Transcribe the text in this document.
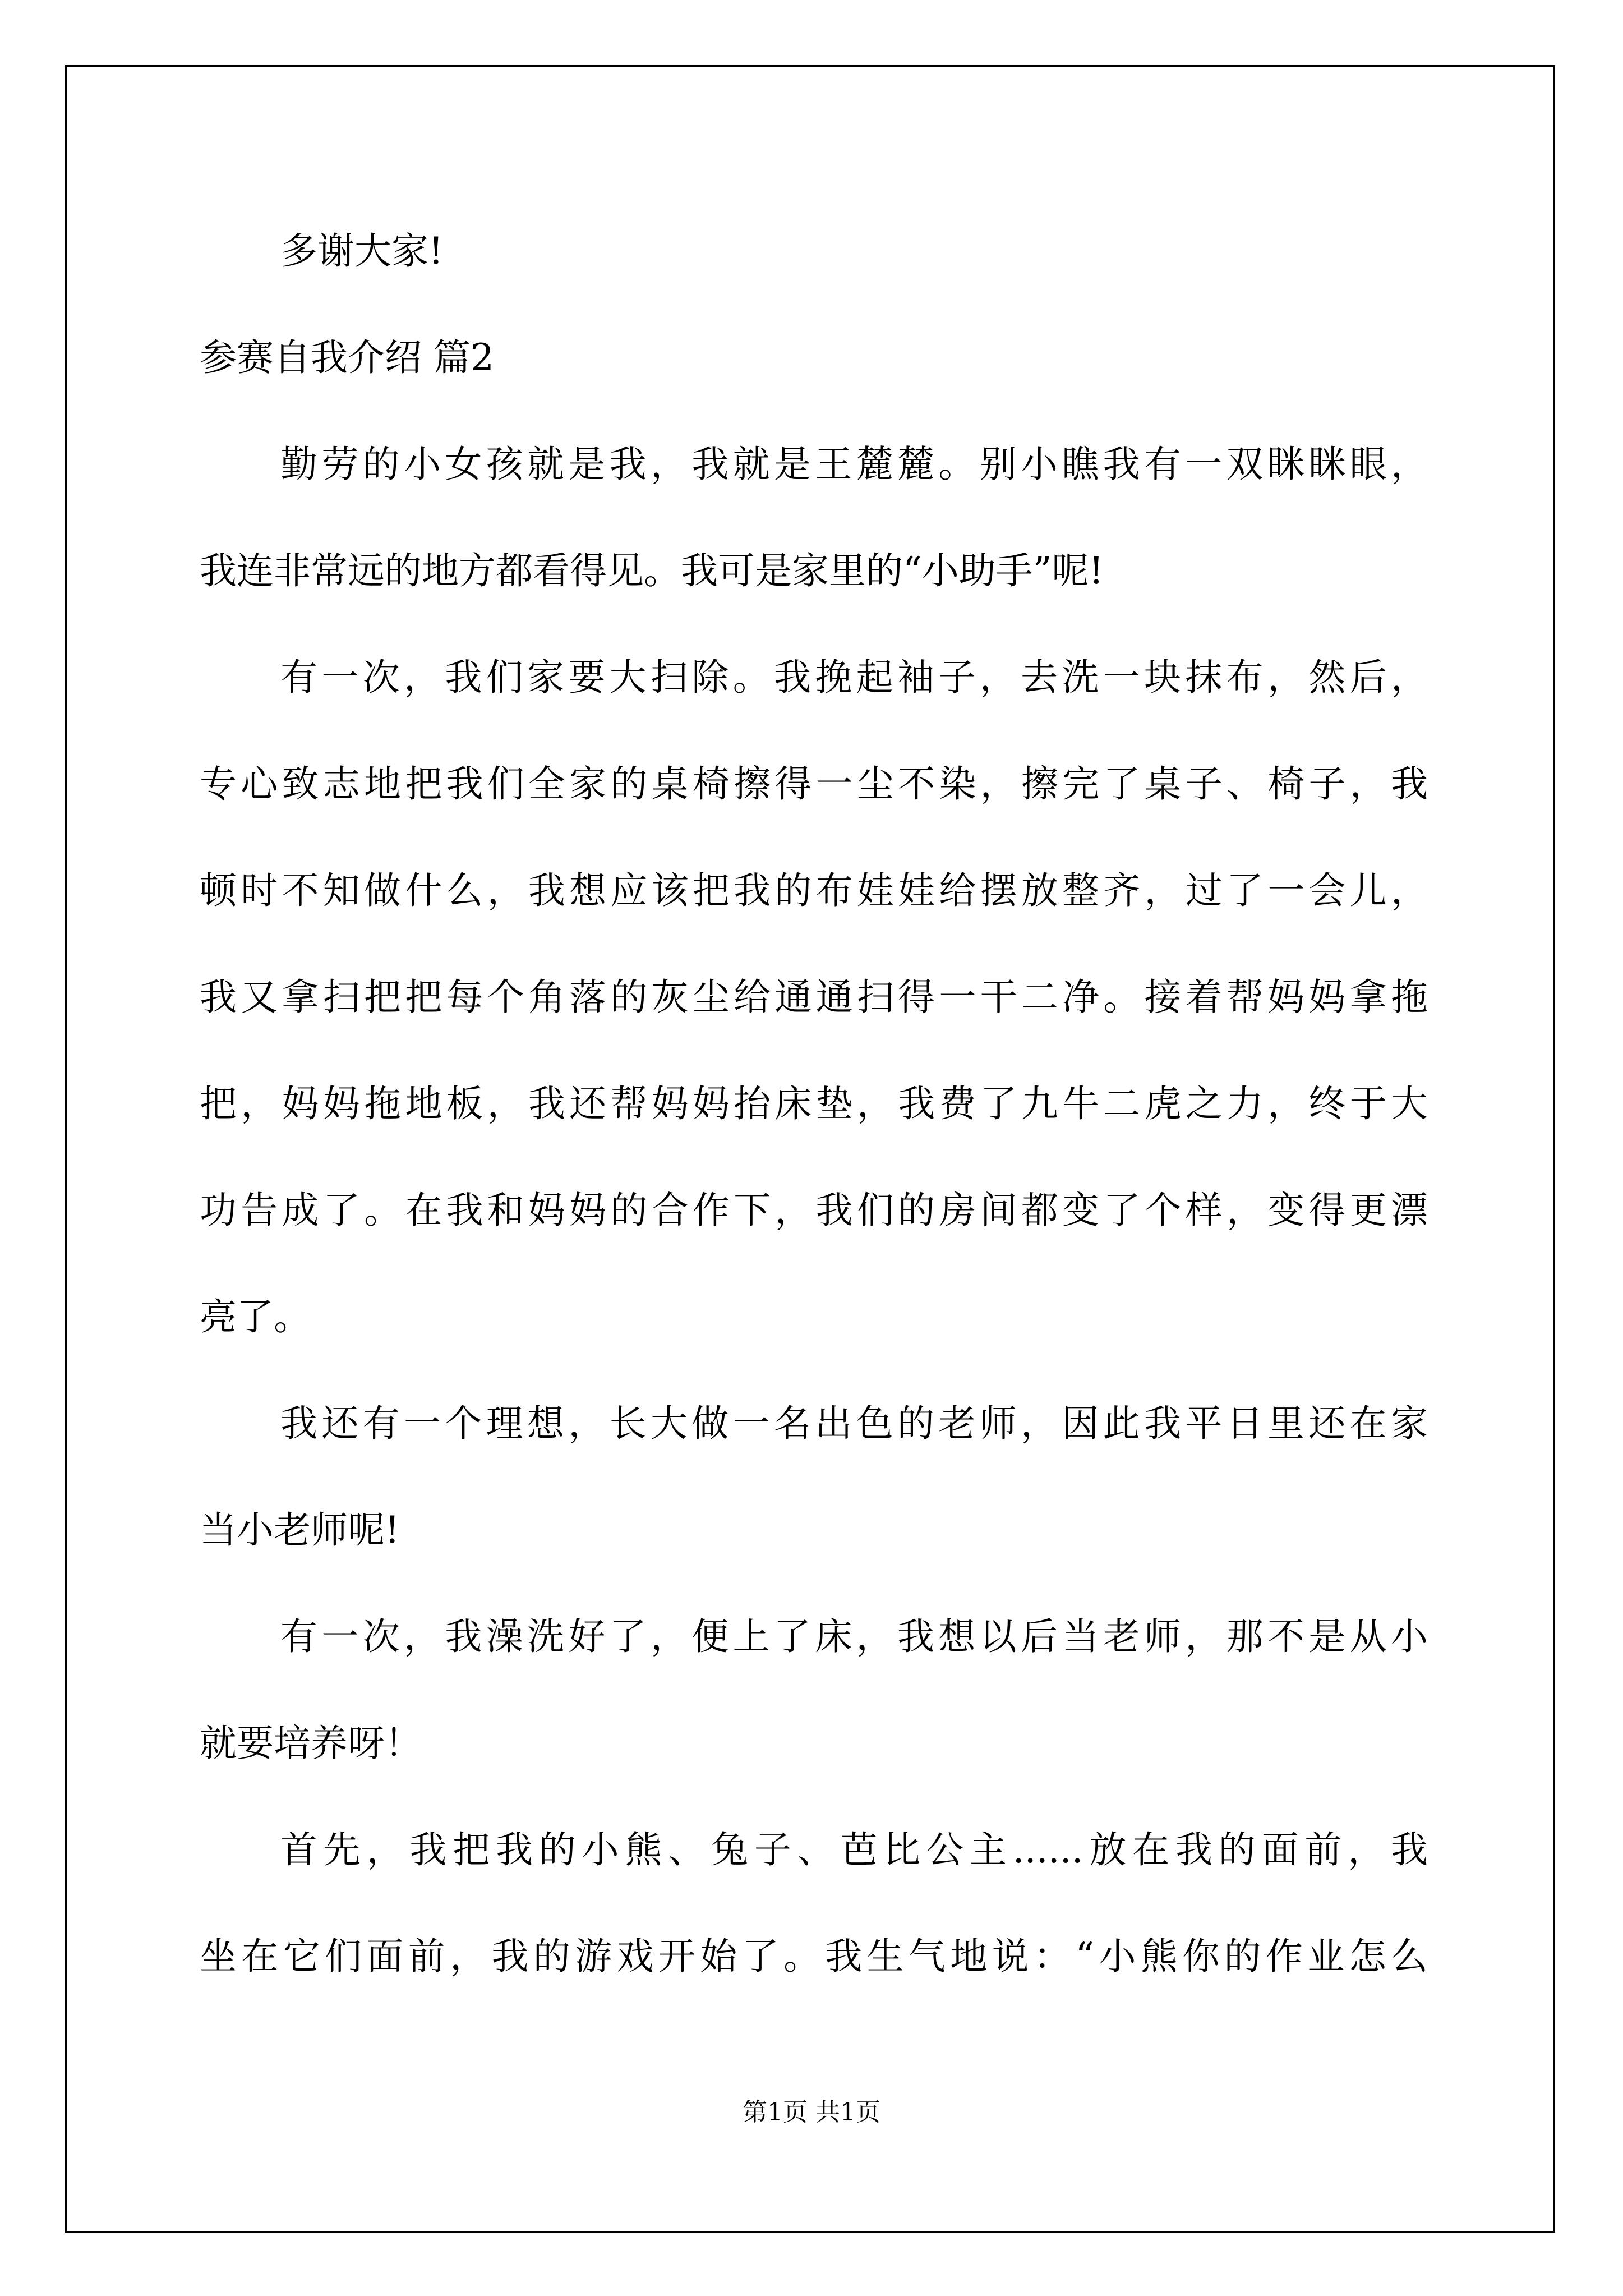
多谢大家!
参赛自我介绍 篇2
勤劳的小女孩就是我，我就是王麓麓。别小瞧我有一双眯眯眼，
我连非常远的地方都看得见。我可是家里的“小助手”呢!
有一次，我们家要大扫除。我挽起袖子，去洗一块抹布，然后，
专心致志地把我们全家的桌椅擦得一尘不染，擦完了桌子、椅子，我
顿时不知做什么，我想应该把我的布娃娃给摆放整齐，过了一会儿，
我又拿扫把把每个角落的灰尘给通通扫得一干二净。接着帮妈妈拿拖
把，妈妈拖地板，我还帮妈妈抬床垫，我费了九牛二虎之力，终于大
功告成了。在我和妈妈的合作下，我们的房间都变了个样，变得更漂
亮了。
我还有一个理想，长大做一名出色的老师，因此我平日里还在家
当小老师呢!
有一次，我澡洗好了，便上了床，我想以后当老师，那不是从小
就要培养呀！
首先，我把我的小熊、兔子、芭比公主......放在我的面前，我
坐在它们面前，我的游戏开始了。我生气地说：“小熊你的作业怎么
第1页 共1页
